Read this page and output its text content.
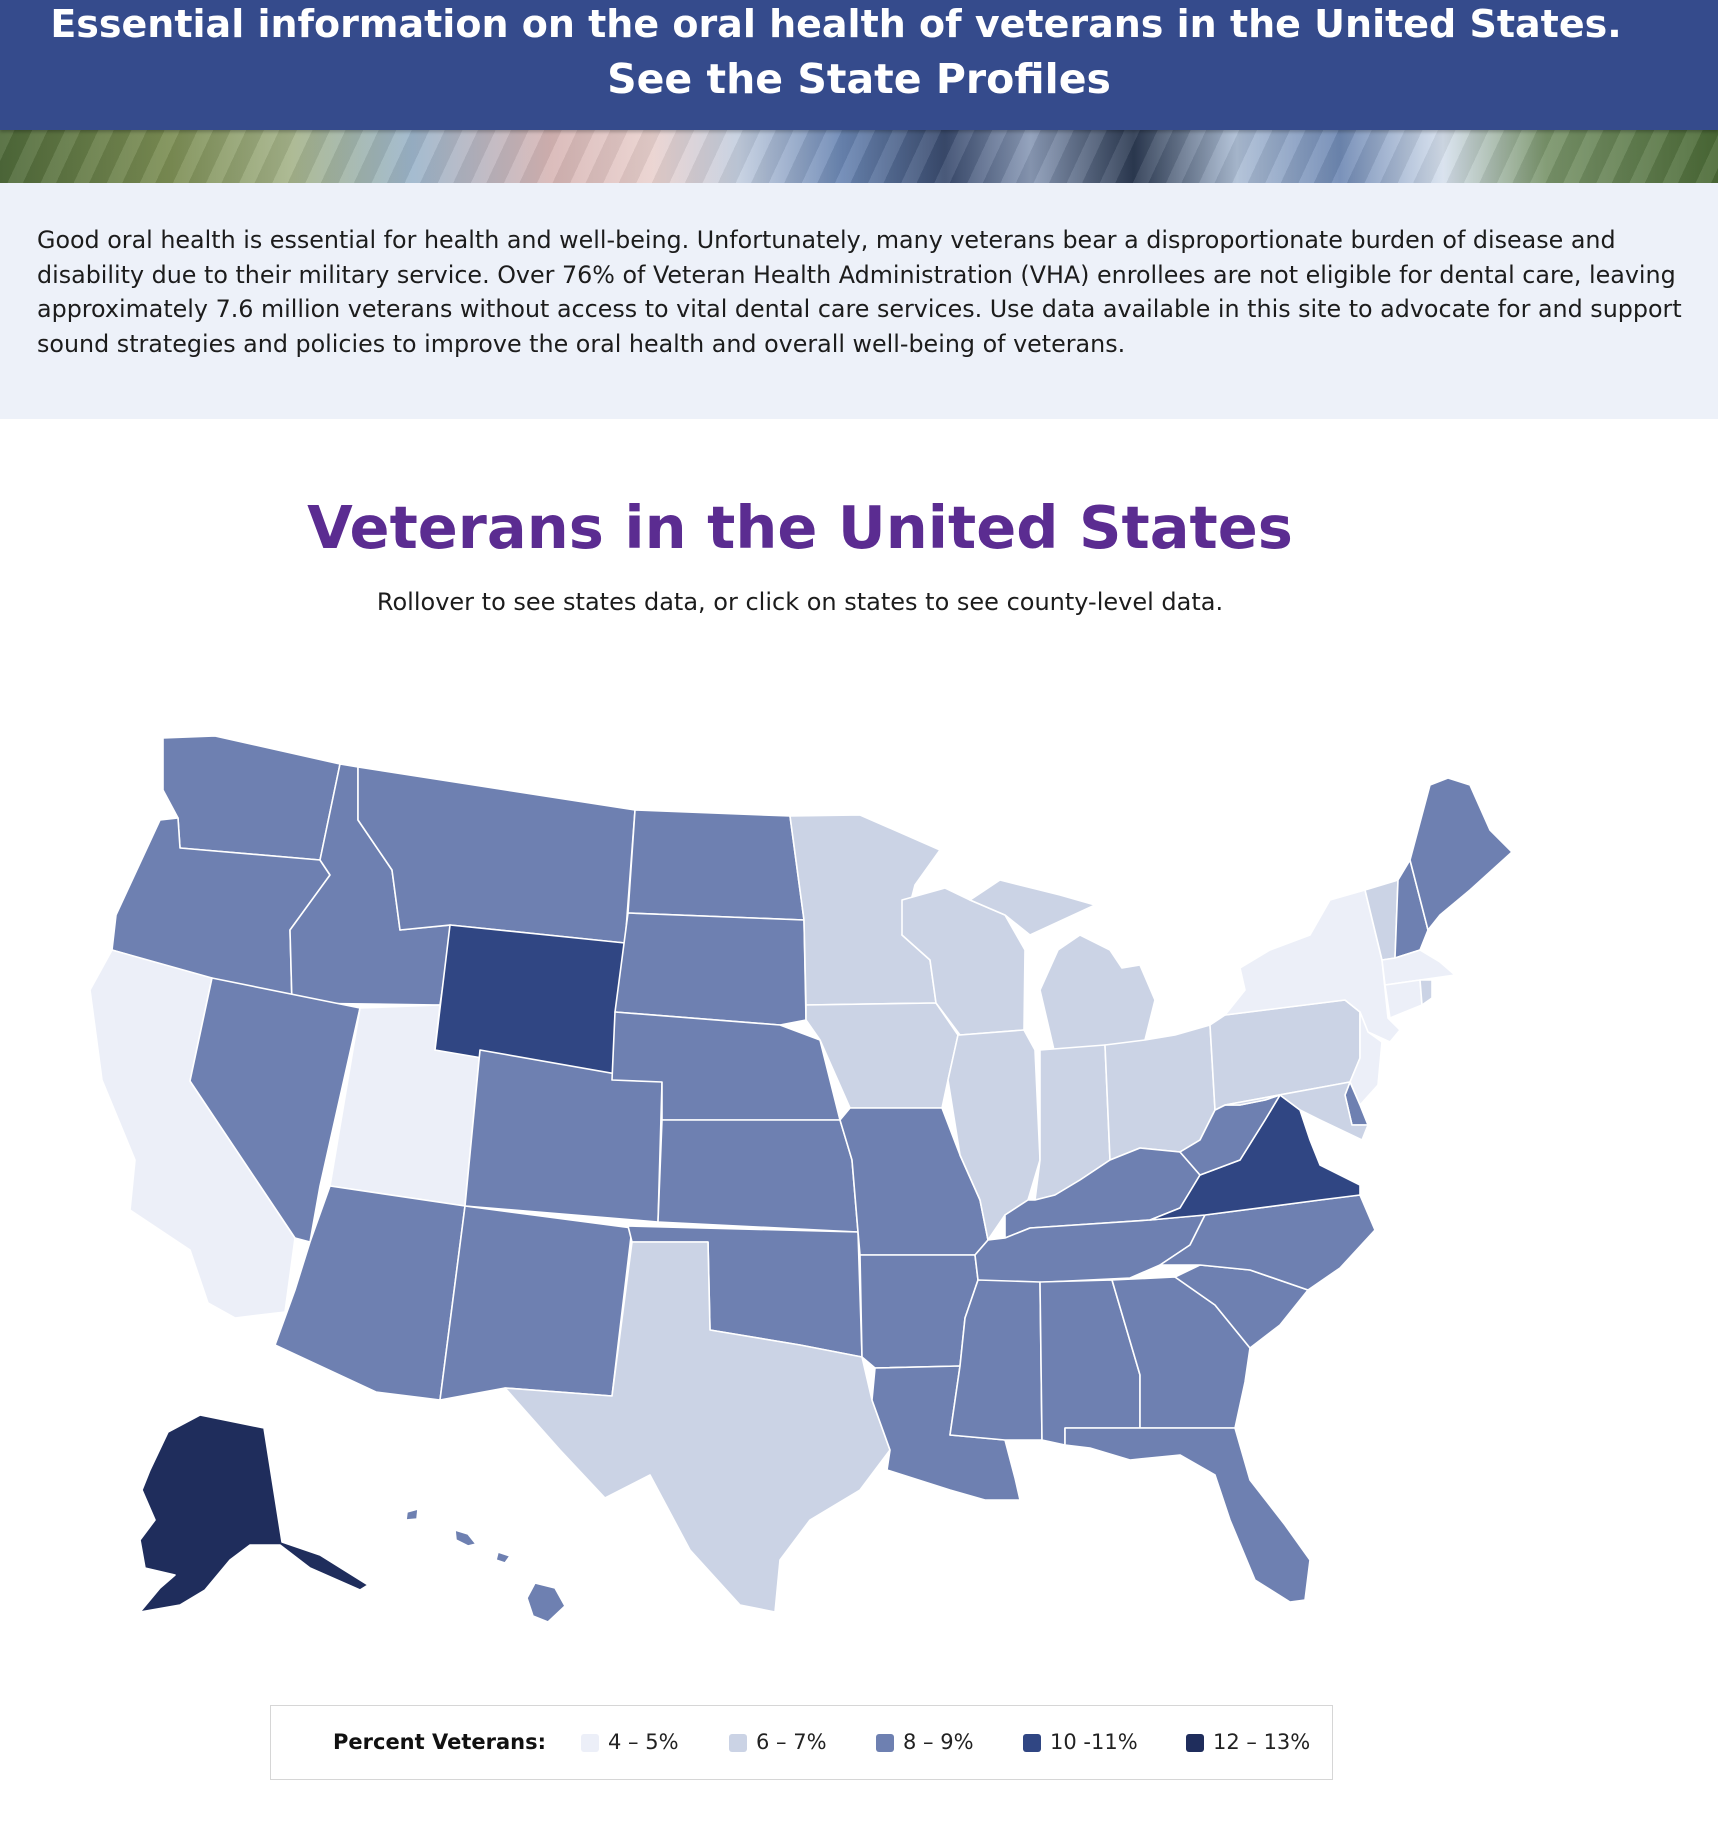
Essential information on the oral health of veterans in the United States.

See the State Profiles

Good oral health is essential for health and well-being. Unfortunately, many veterans bear a disproportionate burden of disease and disability due to their military service. Over 76% of Veteran Health Administration (VHA) enrollees are not eligible for dental care, leaving approximately 7.6 million veterans without access to vital dental care services. Use data available in this site to advocate for and support sound strategies and policies to improve the oral health and overall well-being of veterans.

Veterans in the United States

Rollover to see states data, or click on states to see county-level data.

Percent Veterans:	4 – 5%	6 – 7%	8 – 9%	10 -11%	12 – 13%
